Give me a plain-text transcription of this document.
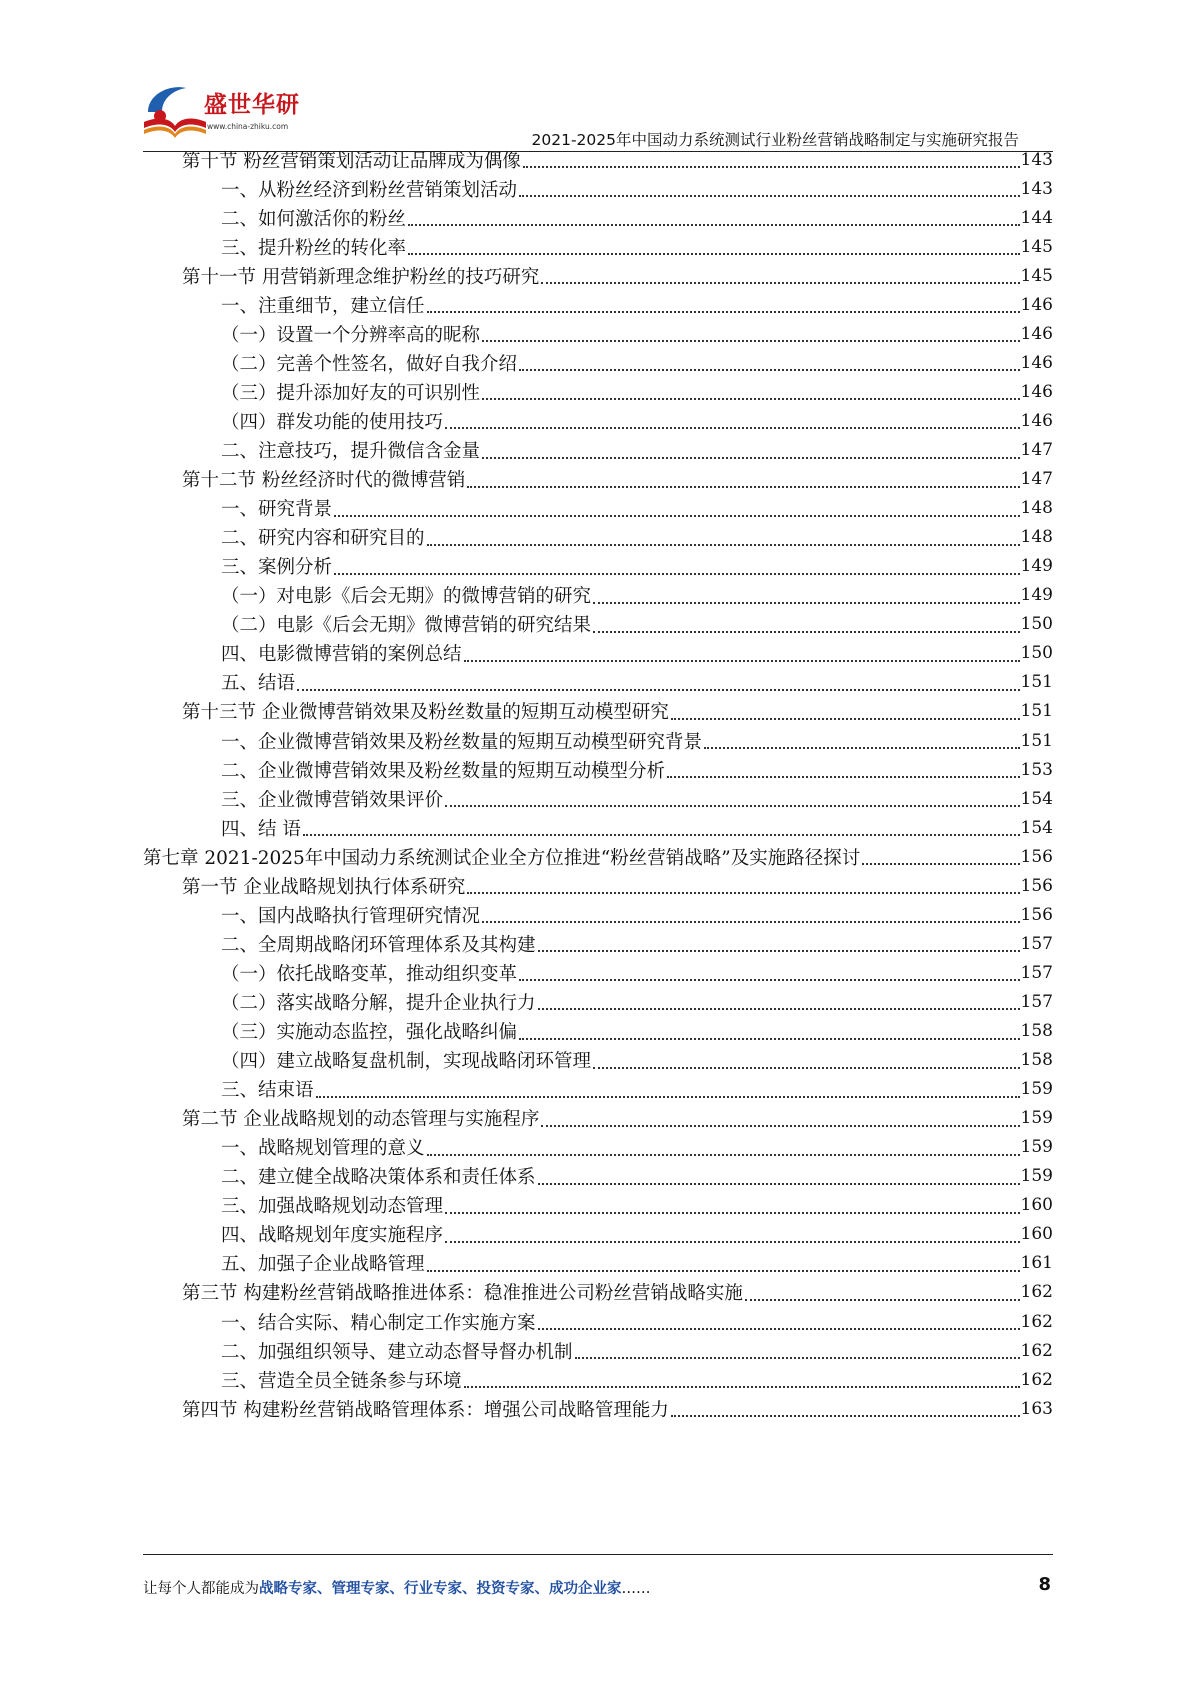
盛世华研
www.china-zhiku.com
2021-2025年中国动力系统测试行业粉丝营销战略制定与实施研究报告
第十节 粉丝营销策划活动让品牌成为偶像	143
一、从粉丝经济到粉丝营销策划活动	143
二、如何激活你的粉丝	144
三、提升粉丝的转化率	145
第十一节 用营销新理念维护粉丝的技巧研究	145
一、注重细节，建立信任	146
（一）设置一个分辨率高的昵称	146
（二）完善个性签名，做好自我介绍	146
（三）提升添加好友的可识别性	146
（四）群发功能的使用技巧	146
二、注意技巧，提升微信含金量	147
第十二节 粉丝经济时代的微博营销	147
一、研究背景	148
二、研究内容和研究目的	148
三、案例分析	149
（一）对电影《后会无期》的微博营销的研究	149
（二）电影《后会无期》微博营销的研究结果	150
四、电影微博营销的案例总结	150
五、结语	151
第十三节 企业微博营销效果及粉丝数量的短期互动模型研究	151
一、企业微博营销效果及粉丝数量的短期互动模型研究背景	151
二、企业微博营销效果及粉丝数量的短期互动模型分析	153
三、企业微博营销效果评价	154
四、结 语	154
第七章 2021-2025年中国动力系统测试企业全方位推进“粉丝营销战略”及实施路径探讨	156
第一节 企业战略规划执行体系研究	156
一、国内战略执行管理研究情况	156
二、全周期战略闭环管理体系及其构建	157
（一）依托战略变革，推动组织变革	157
（二）落实战略分解，提升企业执行力	157
（三）实施动态监控，强化战略纠偏	158
（四）建立战略复盘机制，实现战略闭环管理	158
三、结束语	159
第二节 企业战略规划的动态管理与实施程序	159
一、战略规划管理的意义	159
二、建立健全战略决策体系和责任体系	159
三、加强战略规划动态管理	160
四、战略规划年度实施程序	160
五、加强子企业战略管理	161
第三节 构建粉丝营销战略推进体系：稳准推进公司粉丝营销战略实施	162
一、结合实际、精心制定工作实施方案	162
二、加强组织领导、建立动态督导督办机制	162
三、营造全员全链条参与环境	162
第四节 构建粉丝营销战略管理体系：增强公司战略管理能力	163
让每个人都能成为战略专家、管理专家、行业专家、投资专家、成功企业家……	8
